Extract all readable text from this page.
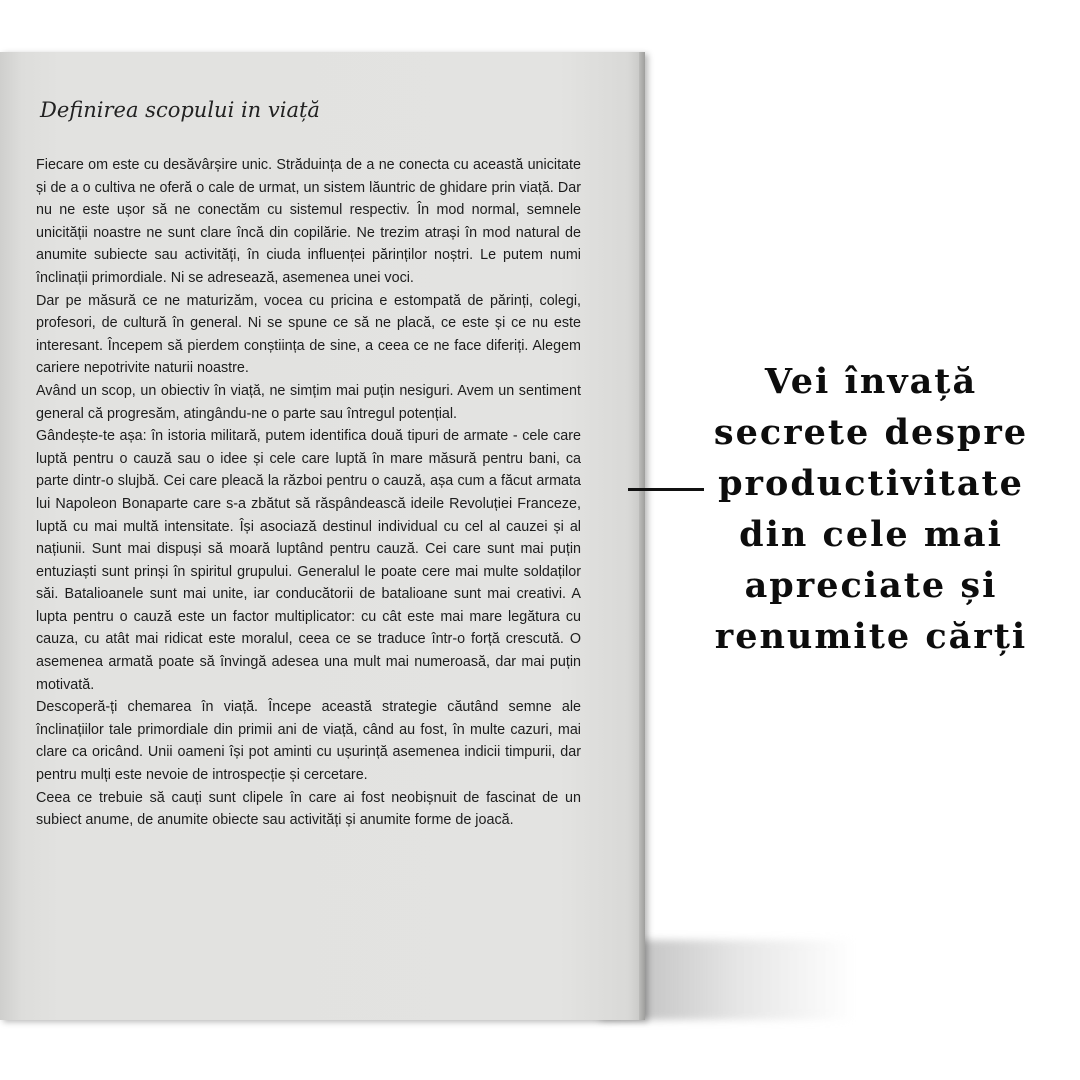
Definirea scopului in viață

Fiecare om este cu desăvârșire unic. Străduința de a ne conecta cu această unicitate și de a o cultiva ne oferă o cale de urmat, un sistem lăuntric de ghidare prin viață. Dar nu ne este ușor să ne conectăm cu sistemul respectiv. În mod normal, semnele unicității noastre ne sunt clare încă din copilărie. Ne trezim atrași în mod natural de anumite subiecte sau activități, în ciuda influenței părinților noștri. Le putem numi înclinații primordiale. Ni se adresează, asemenea unei voci.

Dar pe măsură ce ne maturizăm, vocea cu pricina e estompată de părinți, colegi, profesori, de cultură în general. Ni se spune ce să ne placă, ce este și ce nu este interesant. Începem să pierdem conștiința de sine, a ceea ce ne face diferiți. Alegem cariere nepotrivite naturii noastre.

Având un scop, un obiectiv în viață, ne simțim mai puțin nesiguri. Avem un sentiment general că progresăm, atingându-ne o parte sau întregul potențial.

Gândește-te așa: în istoria militară, putem identifica două tipuri de armate - cele care luptă pentru o cauză sau o idee și cele care luptă în mare măsură pentru bani, ca parte dintr-o slujbă. Cei care pleacă la război pentru o cauză, așa cum a făcut armata lui Napoleon Bonaparte care s-a zbătut să răspândească ideile Revoluției Franceze, luptă cu mai multă intensitate. Își asociază destinul individual cu cel al cauzei și al națiunii. Sunt mai dispuși să moară luptând pentru cauză. Cei care sunt mai puțin entuziaști sunt prinși în spiritul grupului. Generalul le poate cere mai multe soldaților săi. Batalioanele sunt mai unite, iar conducătorii de batalioane sunt mai creativi. A lupta pentru o cauză este un factor multiplicator: cu cât este mai mare legătura cu cauza, cu atât mai ridicat este moralul, ceea ce se traduce într-o forță crescută. O asemenea armată poate să învingă adesea una mult mai numeroasă, dar mai puțin motivată.

Descoperă-ți chemarea în viață. Începe această strategie căutând semne ale înclinațiilor tale primordiale din primii ani de viață, când au fost, în multe cazuri, mai clare ca oricând. Unii oameni își pot aminti cu ușurință asemenea indicii timpurii, dar pentru mulți este nevoie de introspecție și cercetare.

Ceea ce trebuie să cauți sunt clipele în care ai fost neobișnuit de fascinat de un subiect anume, de anumite obiecte sau activități și anumite forme de joacă.

Vei învață secrete despre productivitate din cele mai apreciate și renumite cărți
